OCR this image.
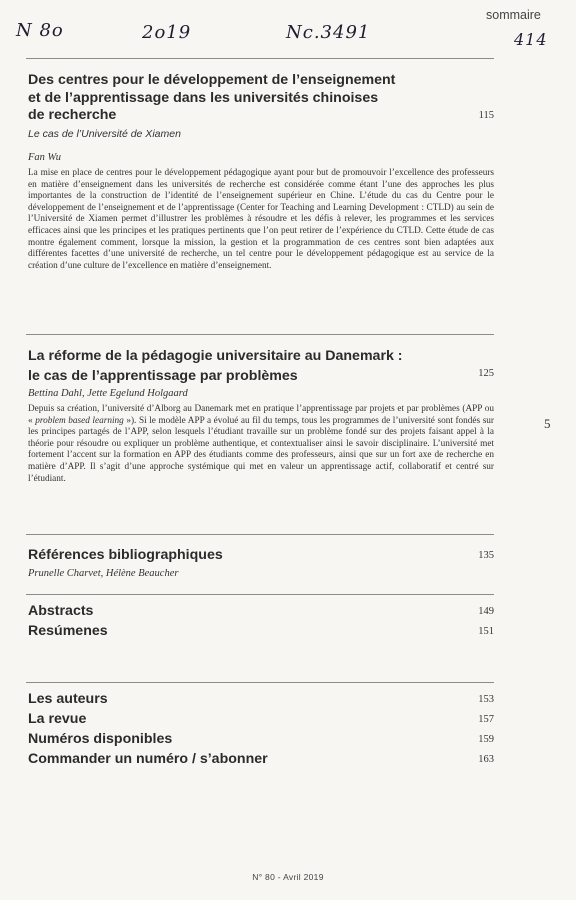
N 8o	2o19	Nc.3491	414
sommaire
Des centres pour le développement de l’enseignement
et de l’apprentissage dans les universités chinoises
de recherche	115
Le cas de l’Université de Xiamen
Fan Wu
La mise en place de centres pour le développement pédagogique ayant pour but de promouvoir l’excellence des professeurs en matière d’enseignement dans les universités de recherche est considérée comme étant l’une des approches les plus importantes de la construction de l’identité de l’enseignement supérieur en Chine. L’étude du cas du Centre pour le développement de l’enseignement et de l’apprentissage (Center for Teaching and Learning Development : CTLD) au sein de l’Université de Xiamen permet d’illustrer les problèmes à résoudre et les défis à relever, les programmes et les services efficaces ainsi que les principes et les pratiques pertinents que l’on peut retirer de l’expérience du CTLD. Cette étude de cas montre également comment, lorsque la mission, la gestion et la programmation de ces centres sont bien adaptées aux différentes facettes d’une université de recherche, un tel centre pour le développement pédagogique est au service de la création d’une culture de l’excellence en matière d’enseignement.
La réforme de la pédagogie universitaire au Danemark :
le cas de l’apprentissage par problèmes	125
Bettina Dahl, Jette Egelund Holgaard
Depuis sa création, l’université d’Alborg au Danemark met en pratique l’apprentissage par projets et par problèmes (APP ou « problem based learning »). Si le modèle APP a évolué au fil du temps, tous les programmes de l’université sont fondés sur les principes partagés de l’APP, selon lesquels l’étudiant travaille sur un problème fondé sur des projets faisant appel à la théorie pour résoudre ou expliquer un problème authentique, et contextualiser ainsi le savoir disciplinaire. L’université met fortement l’accent sur la formation en APP des étudiants comme des professeurs, ainsi que sur un fort axe de recherche en matière d’APP. Il s’agit d’une approche systémique qui met en valeur un apprentissage actif, collaboratif et centré sur l’étudiant.
5
Références bibliographiques	135
Prunelle Charvet, Hélène Beaucher
Abstracts	149
Resúmenes	151
Les auteurs	153
La revue	157
Numéros disponibles	159
Commander un numéro / s’abonner	163
N° 80 - Avril 2019
